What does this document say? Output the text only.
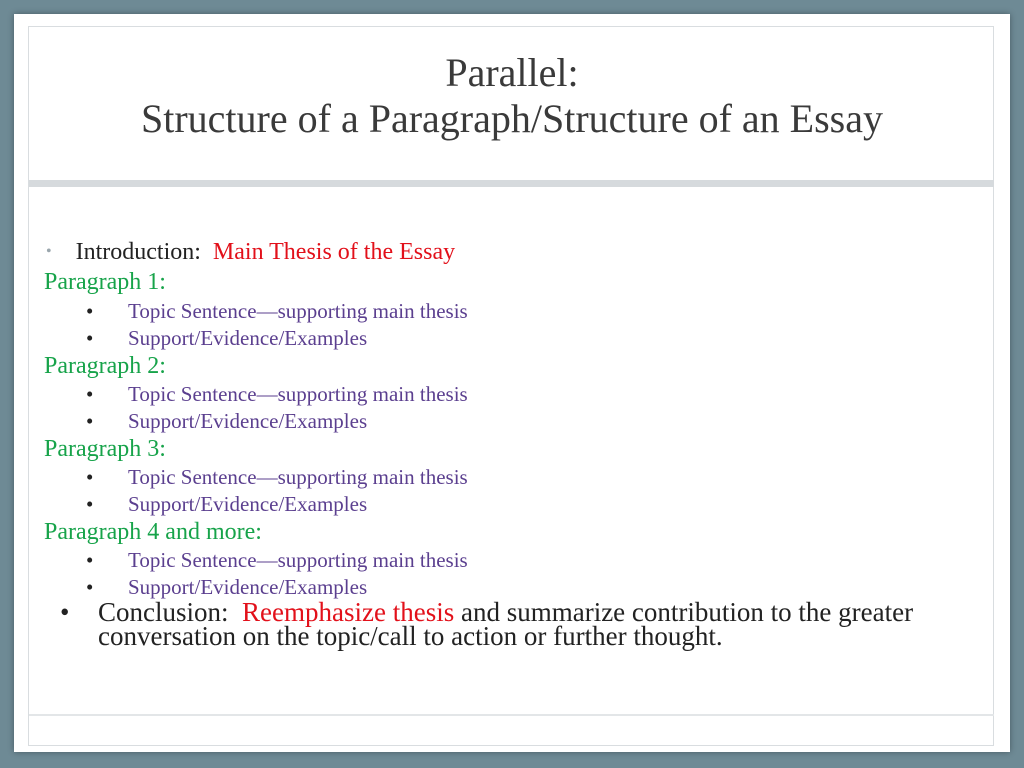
Parallel:
Structure of a Paragraph/Structure of an Essay
• Introduction: Main Thesis of the Essay
Paragraph 1:
• Topic Sentence—supporting main thesis
• Support/Evidence/Examples
Paragraph 2:
• Topic Sentence—supporting main thesis
• Support/Evidence/Examples
Paragraph 3:
• Topic Sentence—supporting main thesis
• Support/Evidence/Examples
Paragraph 4 and more:
• Topic Sentence—supporting main thesis
• Support/Evidence/Examples
• Conclusion: Reemphasize thesis and summarize contribution to the greater conversation on the topic/call to action or further thought.
